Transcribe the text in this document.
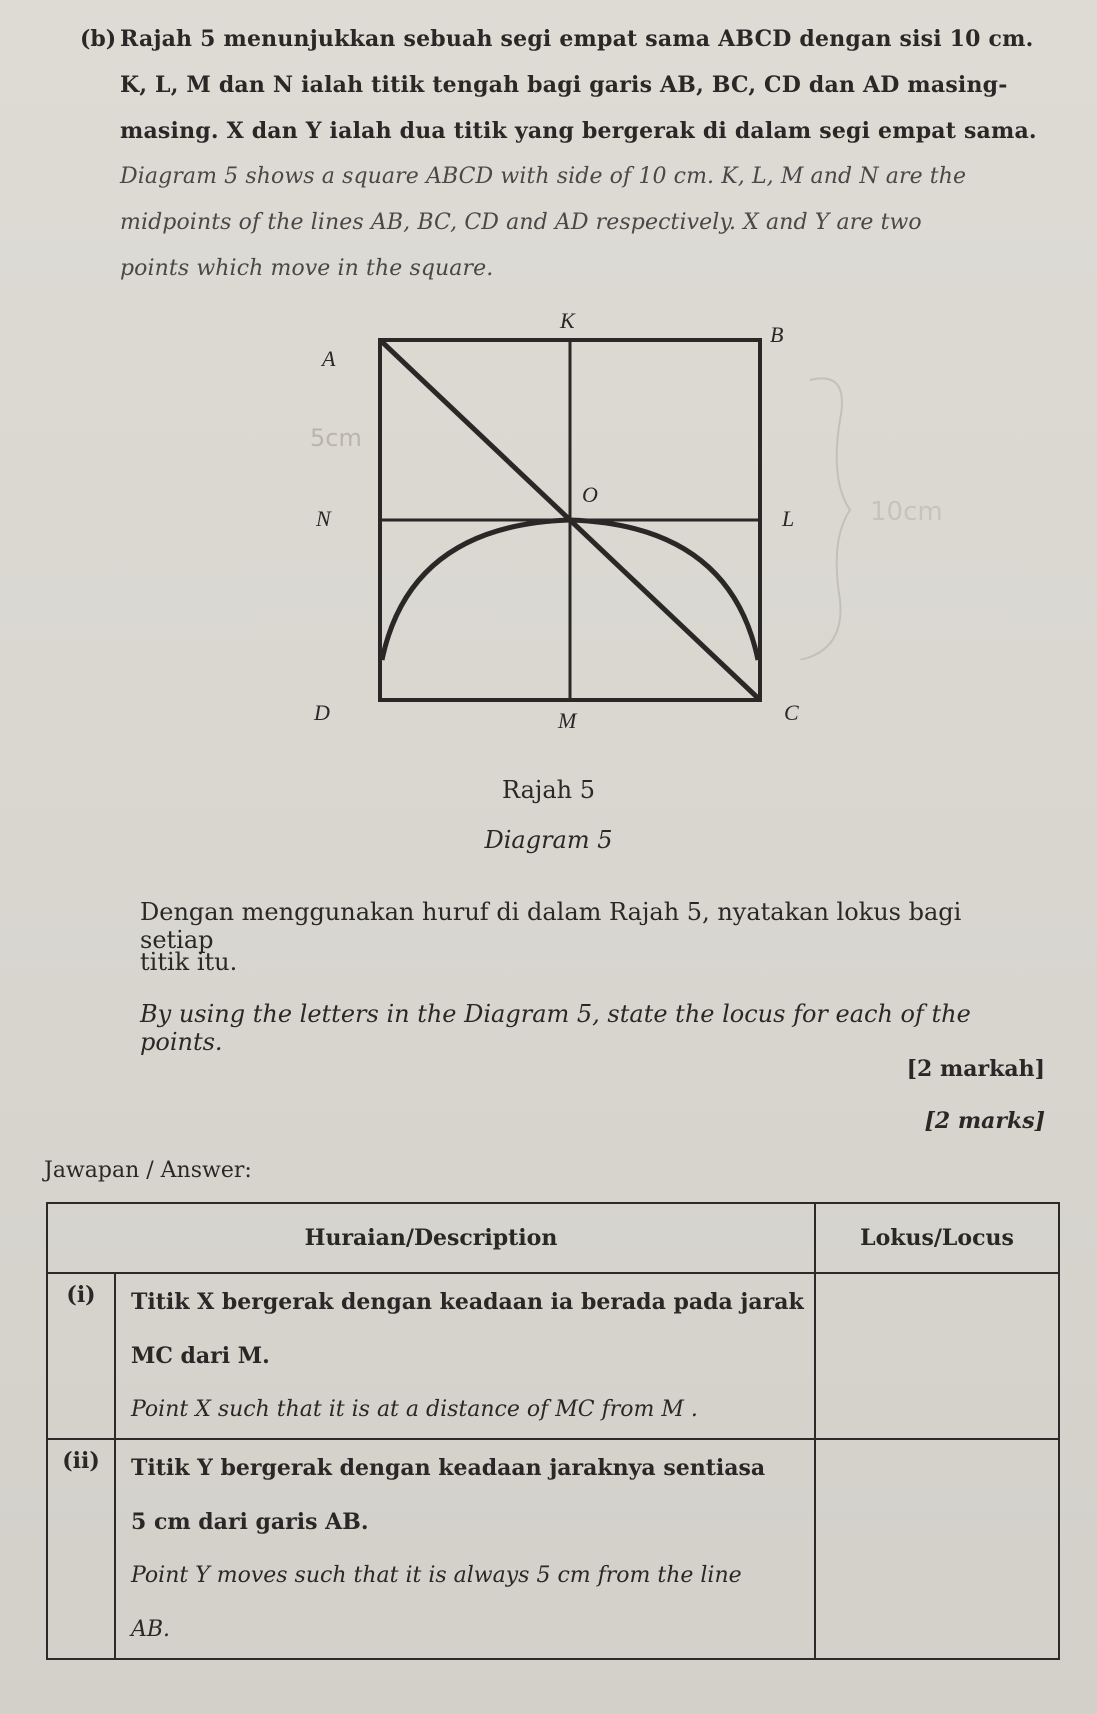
(b) Rajah 5 menunjukkan sebuah segi empat sama ABCD dengan sisi 10 cm.
K, L, M dan N ialah titik tengah bagi garis AB, BC, CD dan AD masing-
masing. X dan Y ialah dua titik yang bergerak di dalam segi empat sama.
Diagram 5 shows a square ABCD with side of 10 cm. K, L, M and N are the
midpoints of the lines AB, BC, CD and AD respectively. X and Y are two
points which move in the square.
A
K
B
O
N	L
D	M	C
5cm
10cm
Rajah 5
Diagram 5
Dengan menggunakan huruf di dalam Rajah 5, nyatakan lokus bagi setiap
titik itu.
By using the letters in the Diagram 5, state the locus for each of the points.
[2 markah]
[2 marks]
Jawapan / Answer:
Huraian/Description		Lokus/Locus
(i)	Titik X bergerak dengan keadaan ia berada pada jarak
MC dari M.
Point X such that it is at a distance of MC from M .	

(ii)	Titik Y bergerak dengan keadaan jaraknya sentiasa
5 cm dari garis AB.
Point Y moves such that it is always 5 cm from the line
AB.	
